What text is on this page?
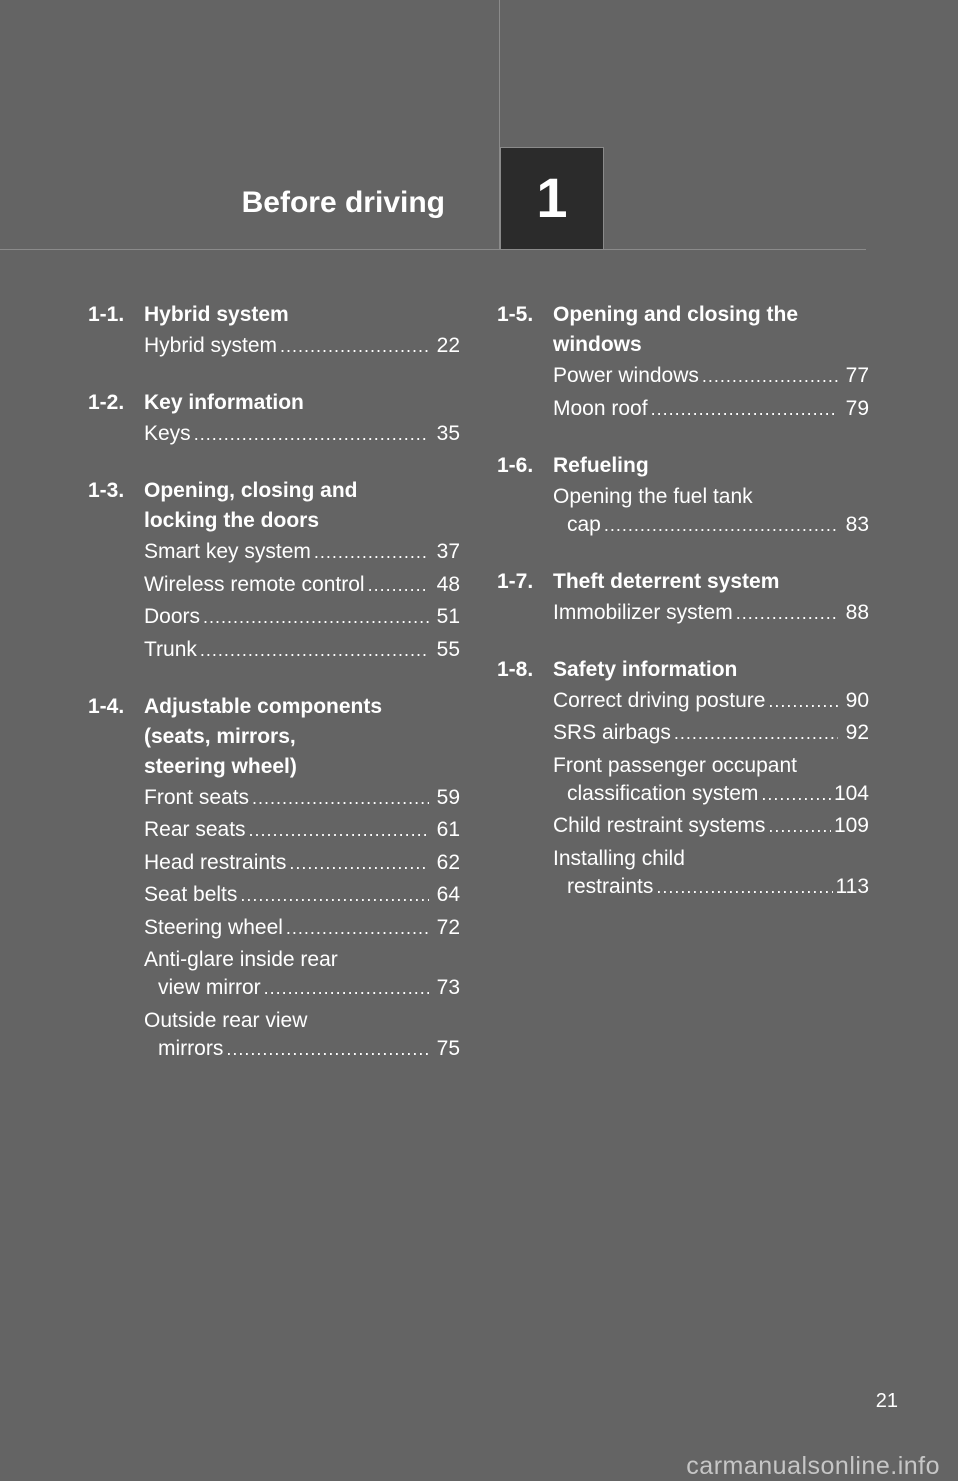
Before driving	1
1-1. Hybrid system
Hybrid system .....	22
1-2. Key information
Keys .....	35
1-3. Opening, closing and
locking the doors
Smart key system .....	37
Wireless remote control .....	48
Doors .....	51
Trunk .....	55
1-4. Adjustable components
(seats, mirrors,
steering wheel)
Front seats .....	59
Rear seats .....	61
Head restraints .....	62
Seat belts .....	64
Steering wheel .....	72
Anti-glare inside rear
view mirror .....	73
Outside rear view
mirrors .....	75
1-5. Opening and closing the
windows
Power windows .....	77
Moon roof .....	79
1-6. Refueling
Opening the fuel tank
cap .....	83
1-7. Theft deterrent system
Immobilizer system .....	88
1-8. Safety information
Correct driving posture .....	90
SRS airbags .....	92
Front passenger occupant
classification system .....	104
Child restraint systems .....	109
Installing child
restraints .....	113
21
carmanualsonline.info
